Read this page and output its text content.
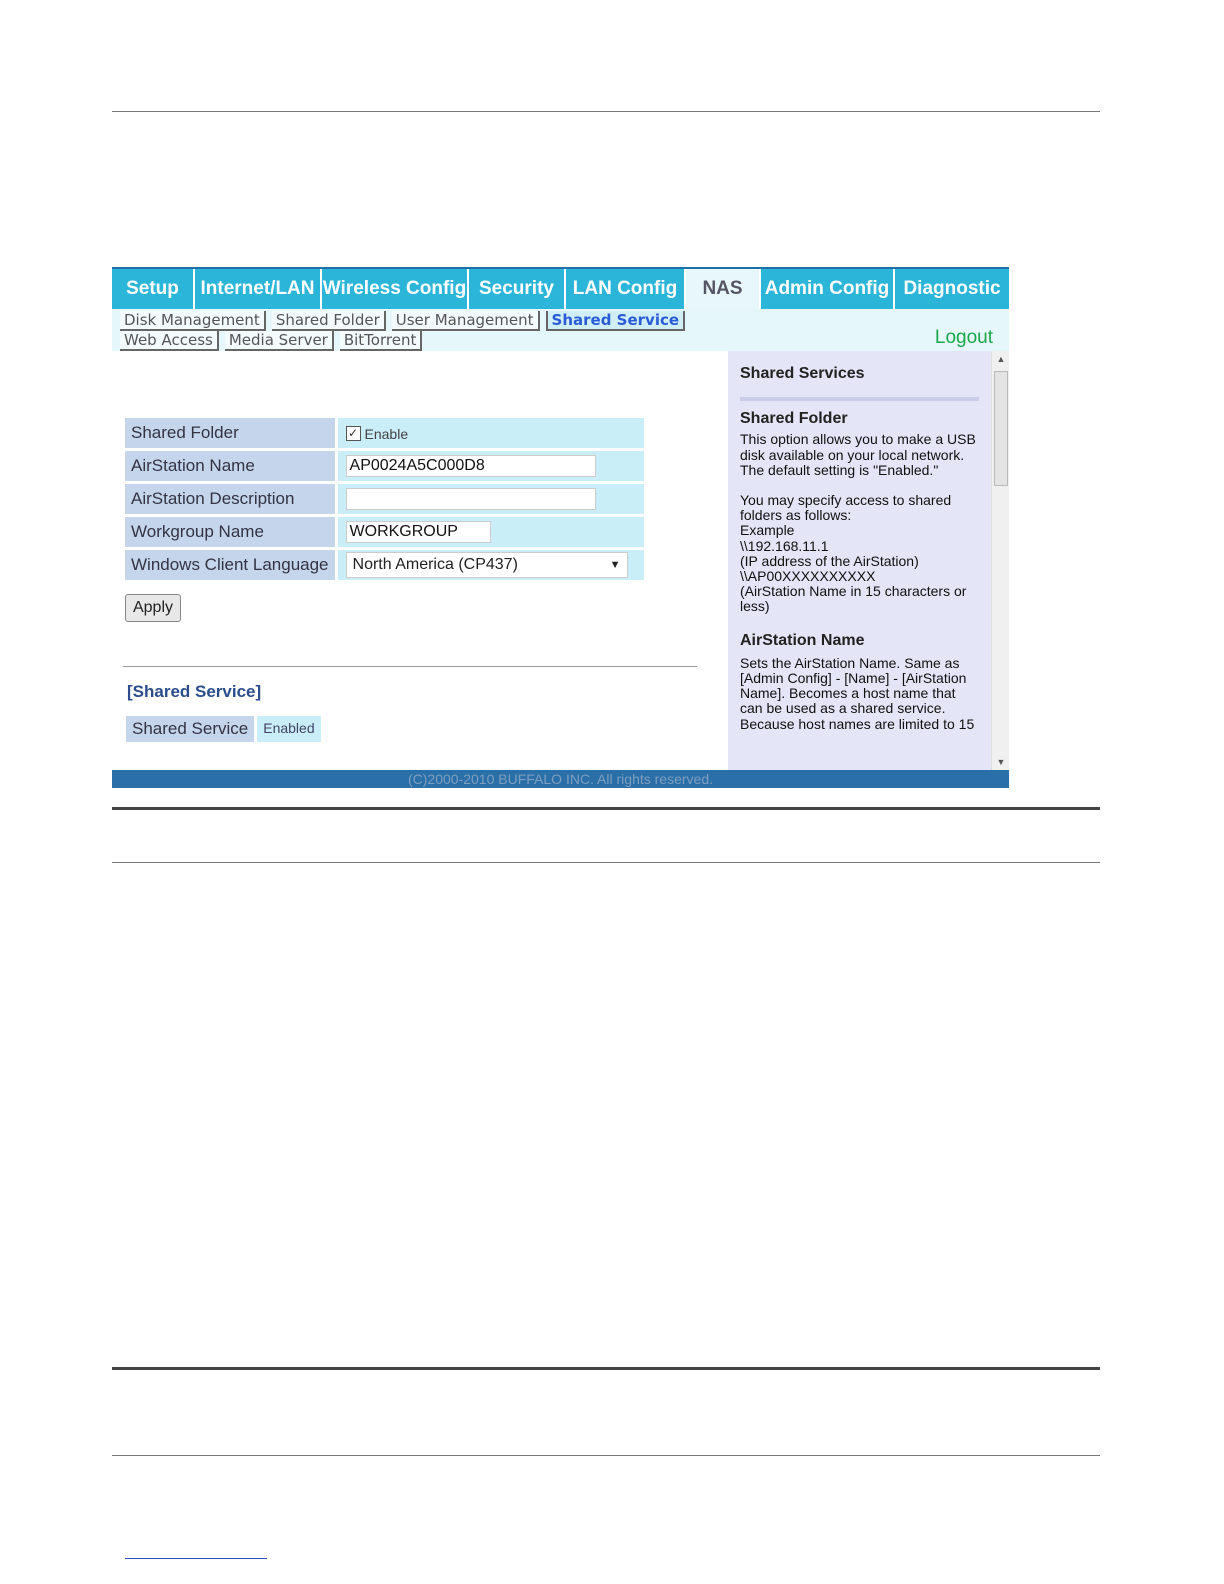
Setup	Internet/LAN Wireless Config Security LAN Config	NAS	Admin Config Diagnostic
Disk Management	Shared Folder	User Management	Shared Service
Web Access	Media Server	BitTorrent	Logout
Shared Folder	✓ Enable

AirStation Name	AP0024A5C000D8

AirStation Description	

Workgroup Name	WORKGROUP

Windows Client Language	North America (CP437) ▼
Apply
[Shared Service]
Shared Service	Enabled
Shared Services
Shared Folder

This option allows you to make a USB disk available on your local network. The default setting is "Enabled."

You may specify access to shared folders as follows:

Example

\\192.168.11.1

(IP address of the AirStation)

\\AP00XXXXXXXXXX

(AirStation Name in 15 characters or less)

AirStation Name

Sets the AirStation Name. Same as [Admin Config] - [Name] - [AirStation Name]. Becomes a host name that can be used as a shared service. Because host names are limited to 15

▲
▼
(C)2000-2010 BUFFALO INC. All rights reserved.
